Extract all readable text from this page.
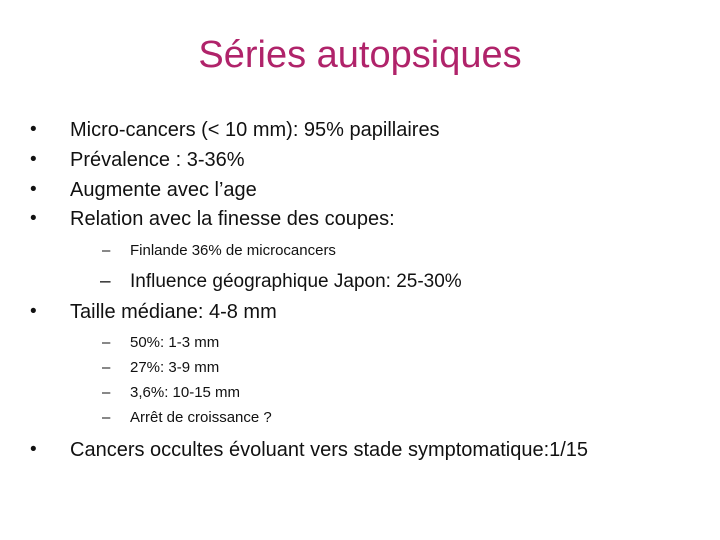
Séries autopsiques
• Micro-cancers (< 10 mm): 95% papillaires
• Prévalence : 3-36%
• Augmente avec l’age
• Relation avec la finesse des coupes:
– Finlande 36% de microcancers
– Influence géographique Japon: 25-30%
• Taille médiane: 4-8 mm
– 50%: 1-3 mm
– 27%: 3-9 mm
– 3,6%: 10-15 mm
– Arrêt de croissance ?
• Cancers occultes évoluant vers stade symptomatique:1/15
